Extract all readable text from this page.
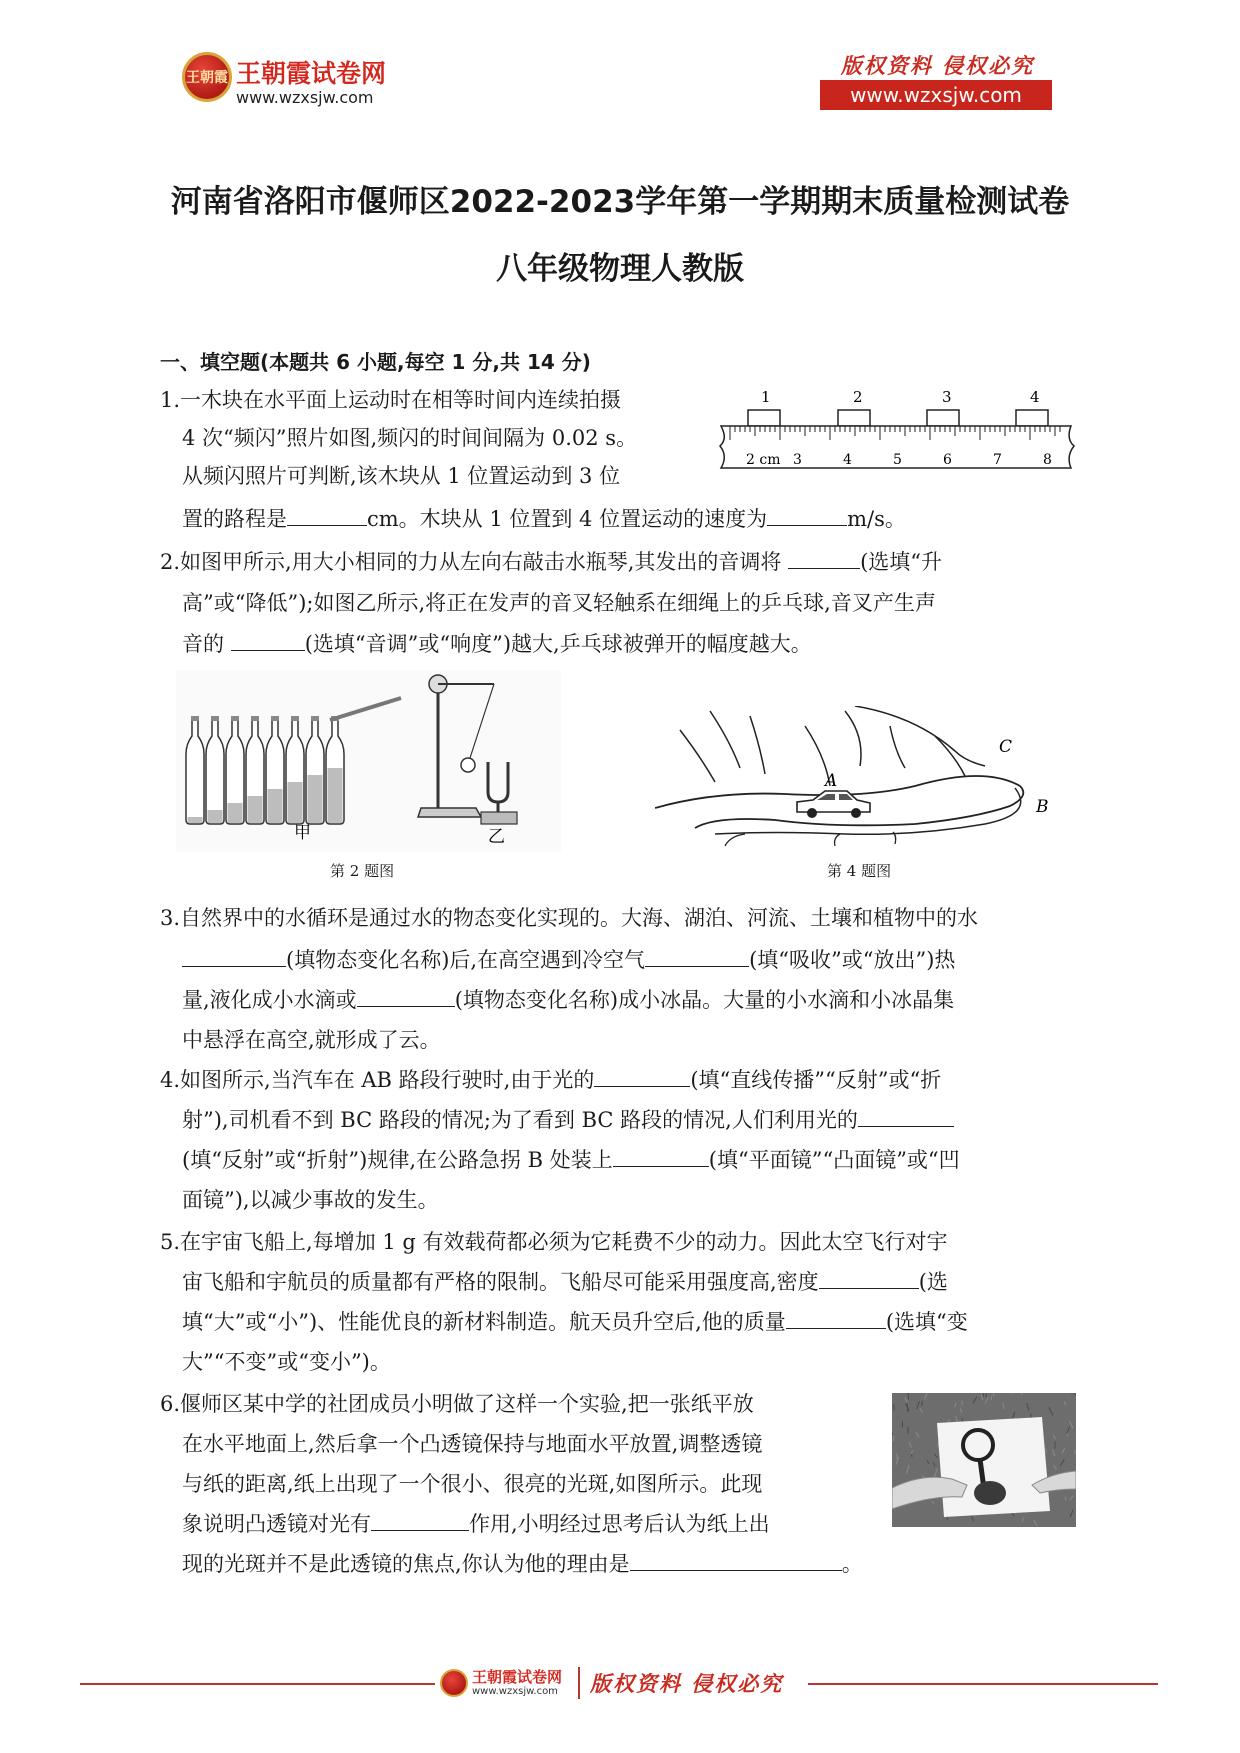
王朝霞 王朝霞试卷网
www.wzxsjw.com
版权资料 侵权必究
www.wzxsjw.com
河南省洛阳市偃师区2022-2023学年第一学期期末质量检测试卷
八年级物理人教版
一、填空题(本题共 6 小题,每空 1 分,共 14 分)
1.一木块在水平面上运动时在相等时间内连续拍摄
4 次“频闪”照片如图,频闪的时间间隔为 0.02 s。
从频闪照片可判断,该木块从 1 位置运动到 3 位
置的路程是	cm。木块从 1 位置到 4 位置运动的速度为	m/s。
1	2	3	4
2 cm 3	4	5	6	7	8
2.如图甲所示,用大小相同的力从左向右敲击水瓶琴,其发出的音调将	(选填“升
高”或“降低”);如图乙所示,将正在发声的音叉轻触系在细绳上的乒乓球,音叉产生声
音的	(选填“音调”或“响度”)越大,乒乓球被弹开的幅度越大。
甲	乙
第 2 题图
A
B
C
第 4 题图
3.自然界中的水循环是通过水的物态变化实现的。大海、湖泊、河流、土壤和植物中的水
(填物态变化名称)后,在高空遇到冷空气	(填“吸收”或“放出”)热
量,液化成小水滴或	(填物态变化名称)成小冰晶。大量的小水滴和小冰晶集
中悬浮在高空,就形成了云。
4.如图所示,当汽车在 AB 路段行驶时,由于光的	(填“直线传播”“反射”或“折
射”),司机看不到 BC 路段的情况;为了看到 BC 路段的情况,人们利用光的
(填“反射”或“折射”)规律,在公路急拐 B 处装上	(填“平面镜”“凸面镜”或“凹
面镜”),以减少事故的发生。
5.在宇宙飞船上,每增加 1 g 有效载荷都必须为它耗费不少的动力。因此太空飞行对宇
宙飞船和宇航员的质量都有严格的限制。飞船尽可能采用强度高,密度	(选
填“大”或“小”)、性能优良的新材料制造。航天员升空后,他的质量	(选填“变
大”“不变”或“变小”)。
6.偃师区某中学的社团成员小明做了这样一个实验,把一张纸平放
在水平地面上,然后拿一个凸透镜保持与地面水平放置,调整透镜
与纸的距离,纸上出现了一个很小、很亮的光斑,如图所示。此现
象说明凸透镜对光有	作用,小明经过思考后认为纸上出
现的光斑并不是此透镜的焦点,你认为他的理由是	。
王朝霞试卷网
www.wzxsjw.com 版权资料 侵权必究
